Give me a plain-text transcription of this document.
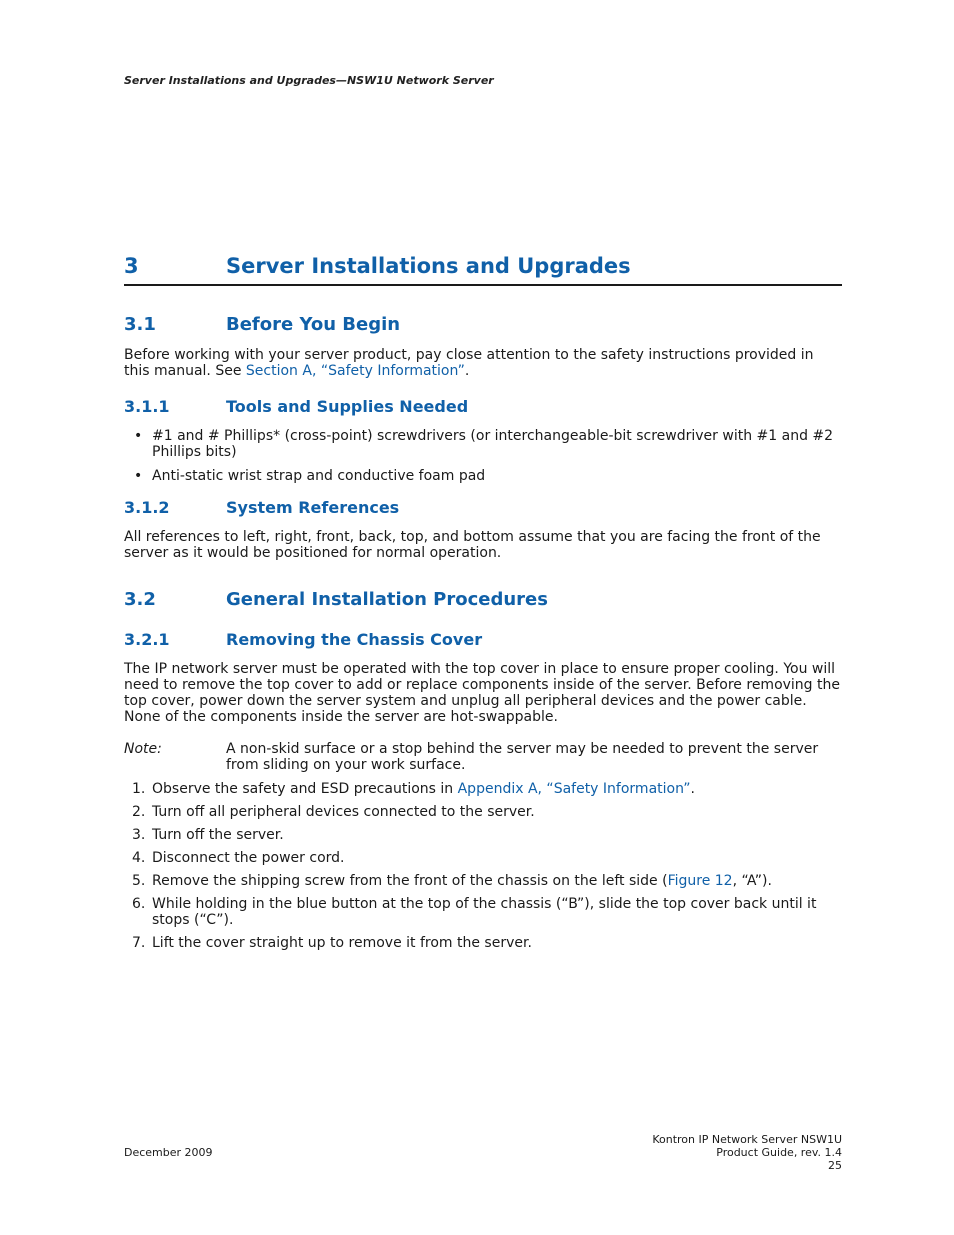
Server Installations and Upgrades—NSW1U Network Server
3	Server Installations and Upgrades
3.1	Before You Begin

Before working with your server product, pay close attention to the safety instructions provided in this manual. See Section A, “Safety Information”.

3.1.1	Tools and Supplies Needed
• #1 and # Phillips* (cross-point) screwdrivers (or interchangeable-bit screwdriver with #1 and #2 Phillips bits)
• Anti-static wrist strap and conductive foam pad
3.1.2	System References

All references to left, right, front, back, top, and bottom assume that you are facing the front of the server as it would be positioned for normal operation.

3.2	General Installation Procedures
3.2.1	Removing the Chassis Cover

The IP network server must be operated with the top cover in place to ensure proper cooling. You will need to remove the top cover to add or replace components inside of the server. Before removing the top cover, power down the server system and unplug all peripheral devices and the power cable. None of the components inside the server are hot-swappable.

Note:	A non-skid surface or a stop behind the server may be needed to prevent the server from sliding on your work surface.
1. Observe the safety and ESD precautions in Appendix A, “Safety Information”.
2. Turn off all peripheral devices connected to the server.
3. Turn off the server.
4. Disconnect the power cord.
5. Remove the shipping screw from the front of the chassis on the left side (Figure 12, “A”).
6. While holding in the blue button at the top of the chassis (“B”), slide the top cover back until it stops (“C”).
7. Lift the cover straight up to remove it from the server.
December 2009
Kontron IP Network Server NSW1U
Product Guide, rev. 1.4
25
